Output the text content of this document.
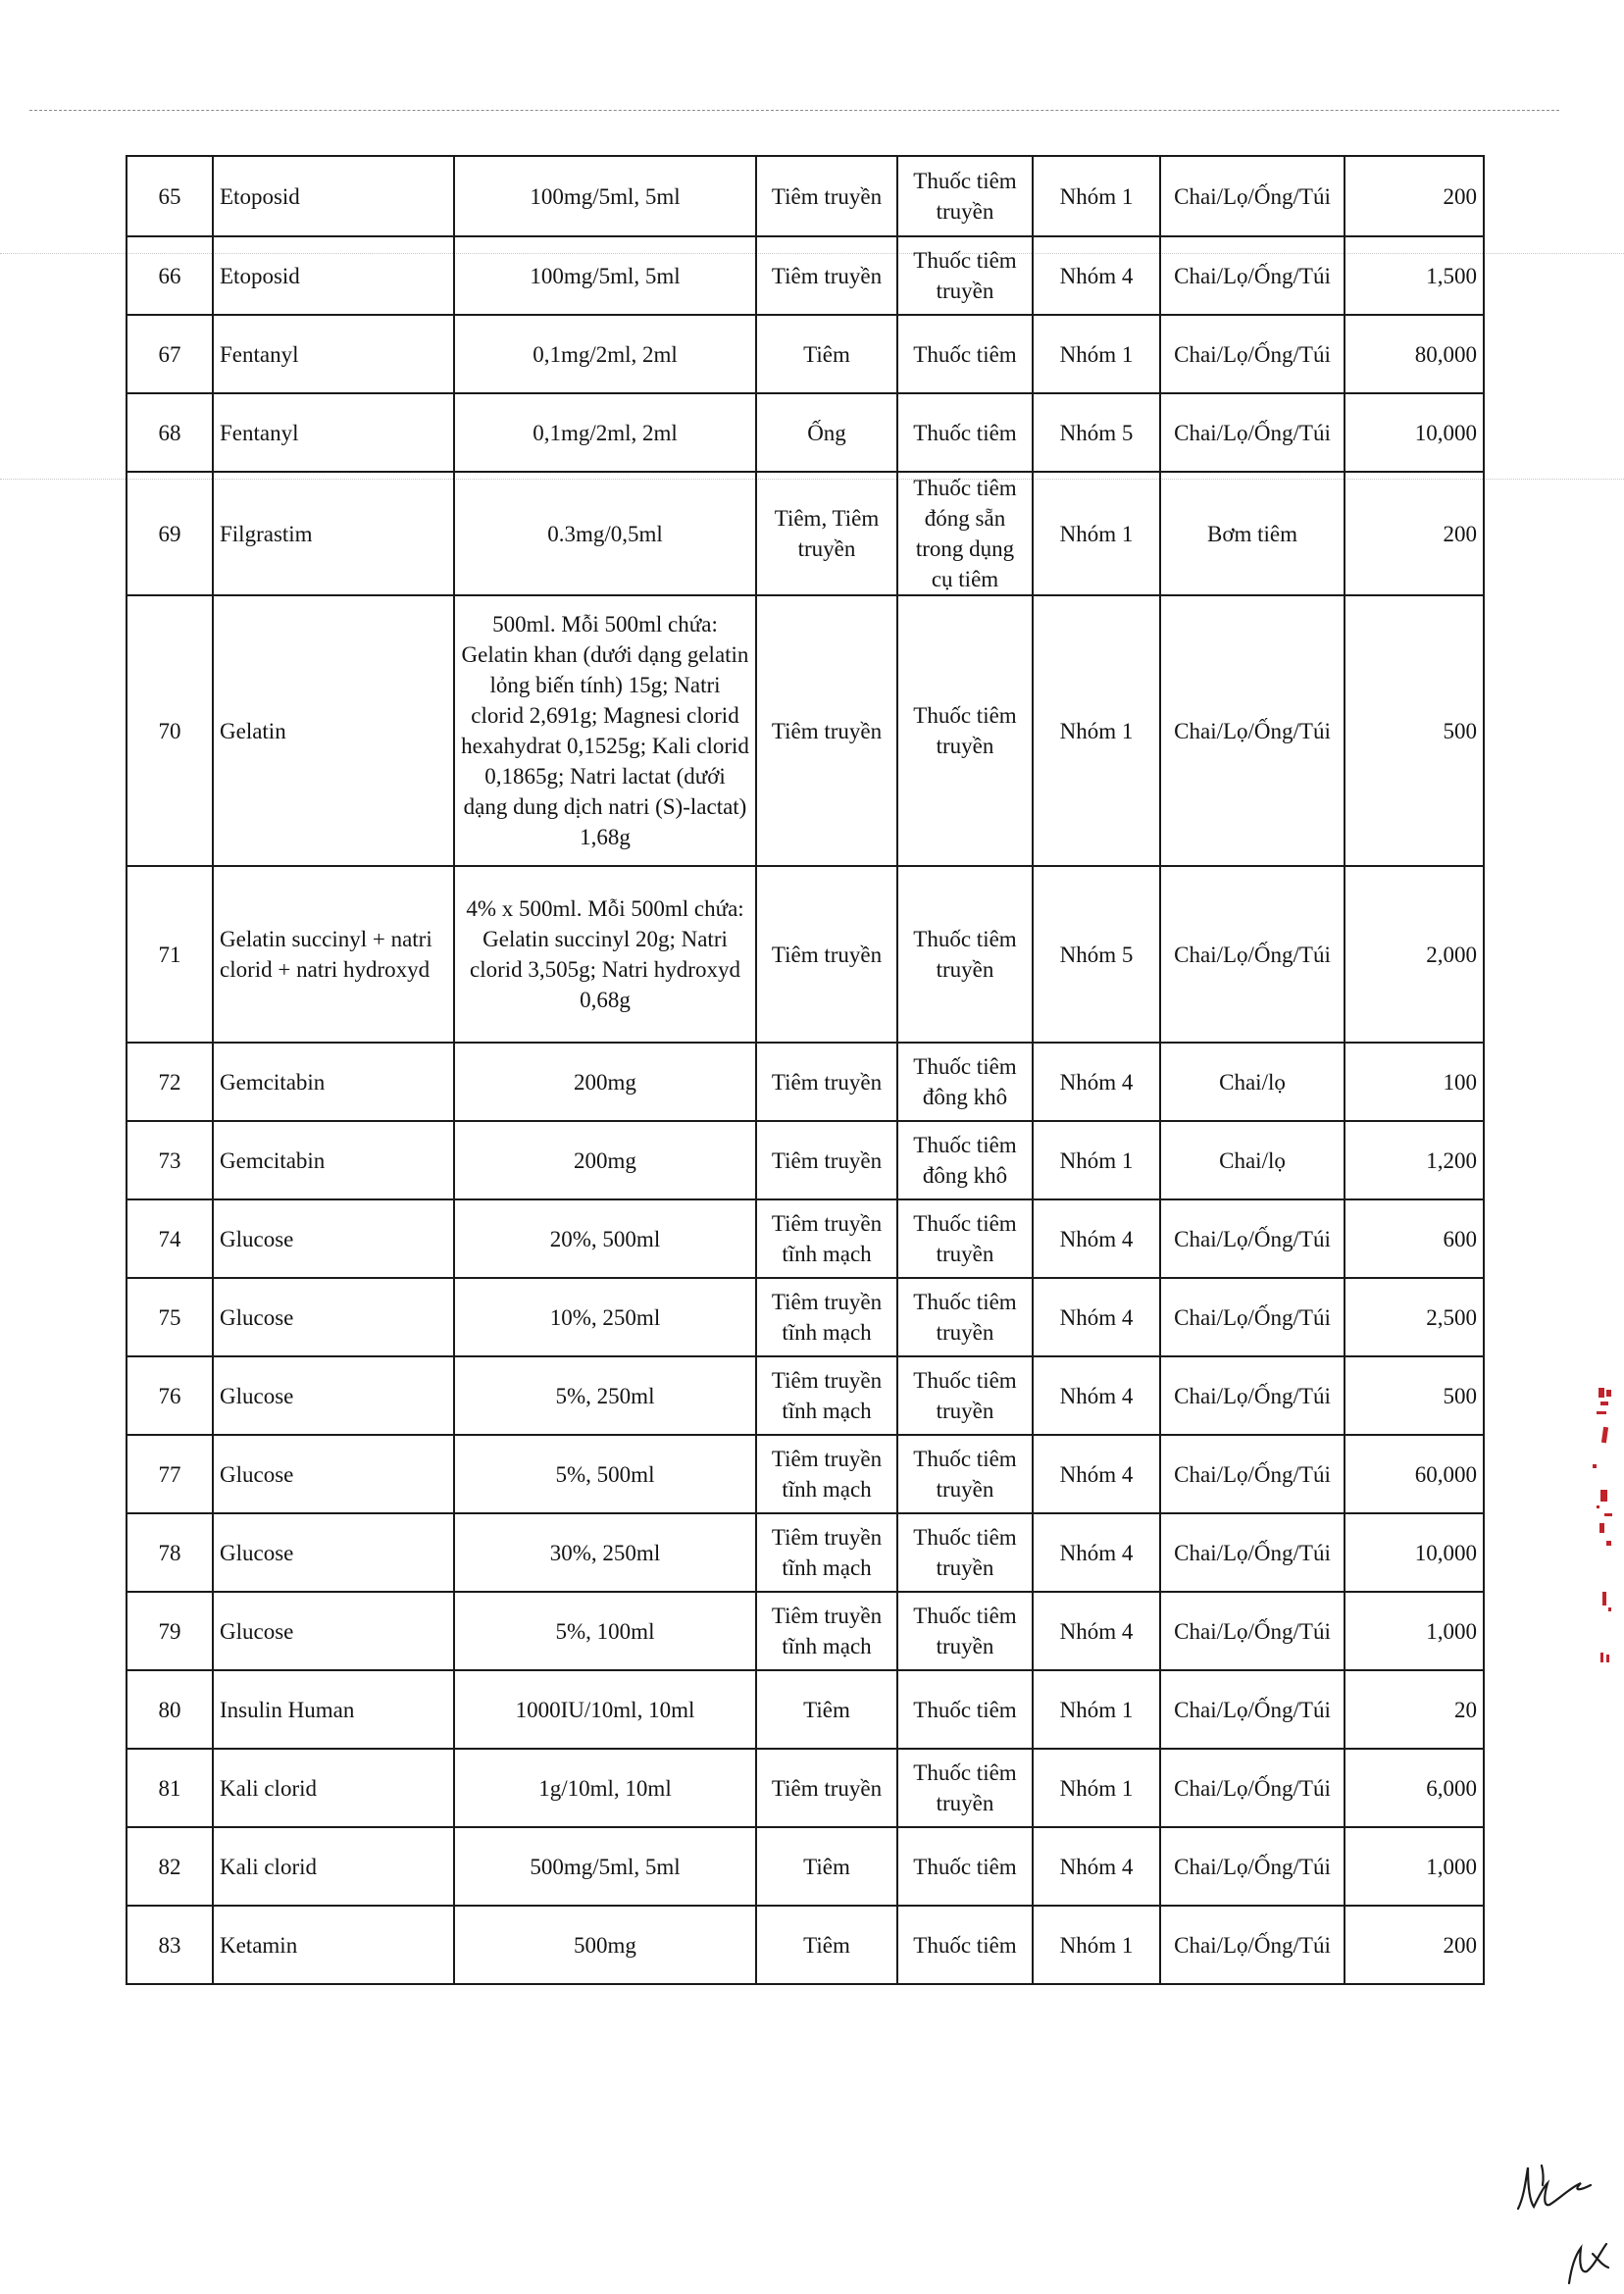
65	Etoposid	100mg/5ml, 5ml	Tiêm truyền	Thuốc tiêm truyền	Nhóm 1	Chai/Lọ/Ống/Túi	200
66	Etoposid	100mg/5ml, 5ml	Tiêm truyền	Thuốc tiêm truyền	Nhóm 4	Chai/Lọ/Ống/Túi	1,500
67	Fentanyl	0,1mg/2ml, 2ml	Tiêm	Thuốc tiêm	Nhóm 1	Chai/Lọ/Ống/Túi	80,000
68	Fentanyl	0,1mg/2ml, 2ml	Ống	Thuốc tiêm	Nhóm 5	Chai/Lọ/Ống/Túi	10,000
69	Filgrastim	0.3mg/0,5ml	Tiêm, Tiêm truyền	Thuốc tiêm đóng sẵn trong dụng cụ tiêm	Nhóm 1	Bơm tiêm	200
70	Gelatin	500ml. Mỗi 500ml chứa: Gelatin khan (dưới dạng gelatin lỏng biến tính) 15g; Natri clorid 2,691g; Magnesi clorid hexahydrat 0,1525g; Kali clorid 0,1865g; Natri lactat (dưới dạng dung dịch natri (S)-lactat) 1,68g	Tiêm truyền	Thuốc tiêm truyền	Nhóm 1	Chai/Lọ/Ống/Túi	500
71	Gelatin succinyl + natri clorid + natri hydroxyd	4% x 500ml. Mỗi 500ml chứa: Gelatin succinyl 20g; Natri clorid 3,505g; Natri hydroxyd 0,68g	Tiêm truyền	Thuốc tiêm truyền	Nhóm 5	Chai/Lọ/Ống/Túi	2,000
72	Gemcitabin	200mg	Tiêm truyền	Thuốc tiêm đông khô	Nhóm 4	Chai/lọ	100
73	Gemcitabin	200mg	Tiêm truyền	Thuốc tiêm đông khô	Nhóm 1	Chai/lọ	1,200
74	Glucose	20%, 500ml	Tiêm truyền tĩnh mạch	Thuốc tiêm truyền	Nhóm 4	Chai/Lọ/Ống/Túi	600
75	Glucose	10%, 250ml	Tiêm truyền tĩnh mạch	Thuốc tiêm truyền	Nhóm 4	Chai/Lọ/Ống/Túi	2,500
76	Glucose	5%, 250ml	Tiêm truyền tĩnh mạch	Thuốc tiêm truyền	Nhóm 4	Chai/Lọ/Ống/Túi	500
77	Glucose	5%, 500ml	Tiêm truyền tĩnh mạch	Thuốc tiêm truyền	Nhóm 4	Chai/Lọ/Ống/Túi	60,000
78	Glucose	30%, 250ml	Tiêm truyền tĩnh mạch	Thuốc tiêm truyền	Nhóm 4	Chai/Lọ/Ống/Túi	10,000
79	Glucose	5%, 100ml	Tiêm truyền tĩnh mạch	Thuốc tiêm truyền	Nhóm 4	Chai/Lọ/Ống/Túi	1,000
80	Insulin Human	1000IU/10ml, 10ml	Tiêm	Thuốc tiêm	Nhóm 1	Chai/Lọ/Ống/Túi	20
81	Kali clorid	1g/10ml, 10ml	Tiêm truyền	Thuốc tiêm truyền	Nhóm 1	Chai/Lọ/Ống/Túi	6,000
82	Kali clorid	500mg/5ml, 5ml	Tiêm	Thuốc tiêm	Nhóm 4	Chai/Lọ/Ống/Túi	1,000
83	Ketamin	500mg	Tiêm	Thuốc tiêm	Nhóm 1	Chai/Lọ/Ống/Túi	200
